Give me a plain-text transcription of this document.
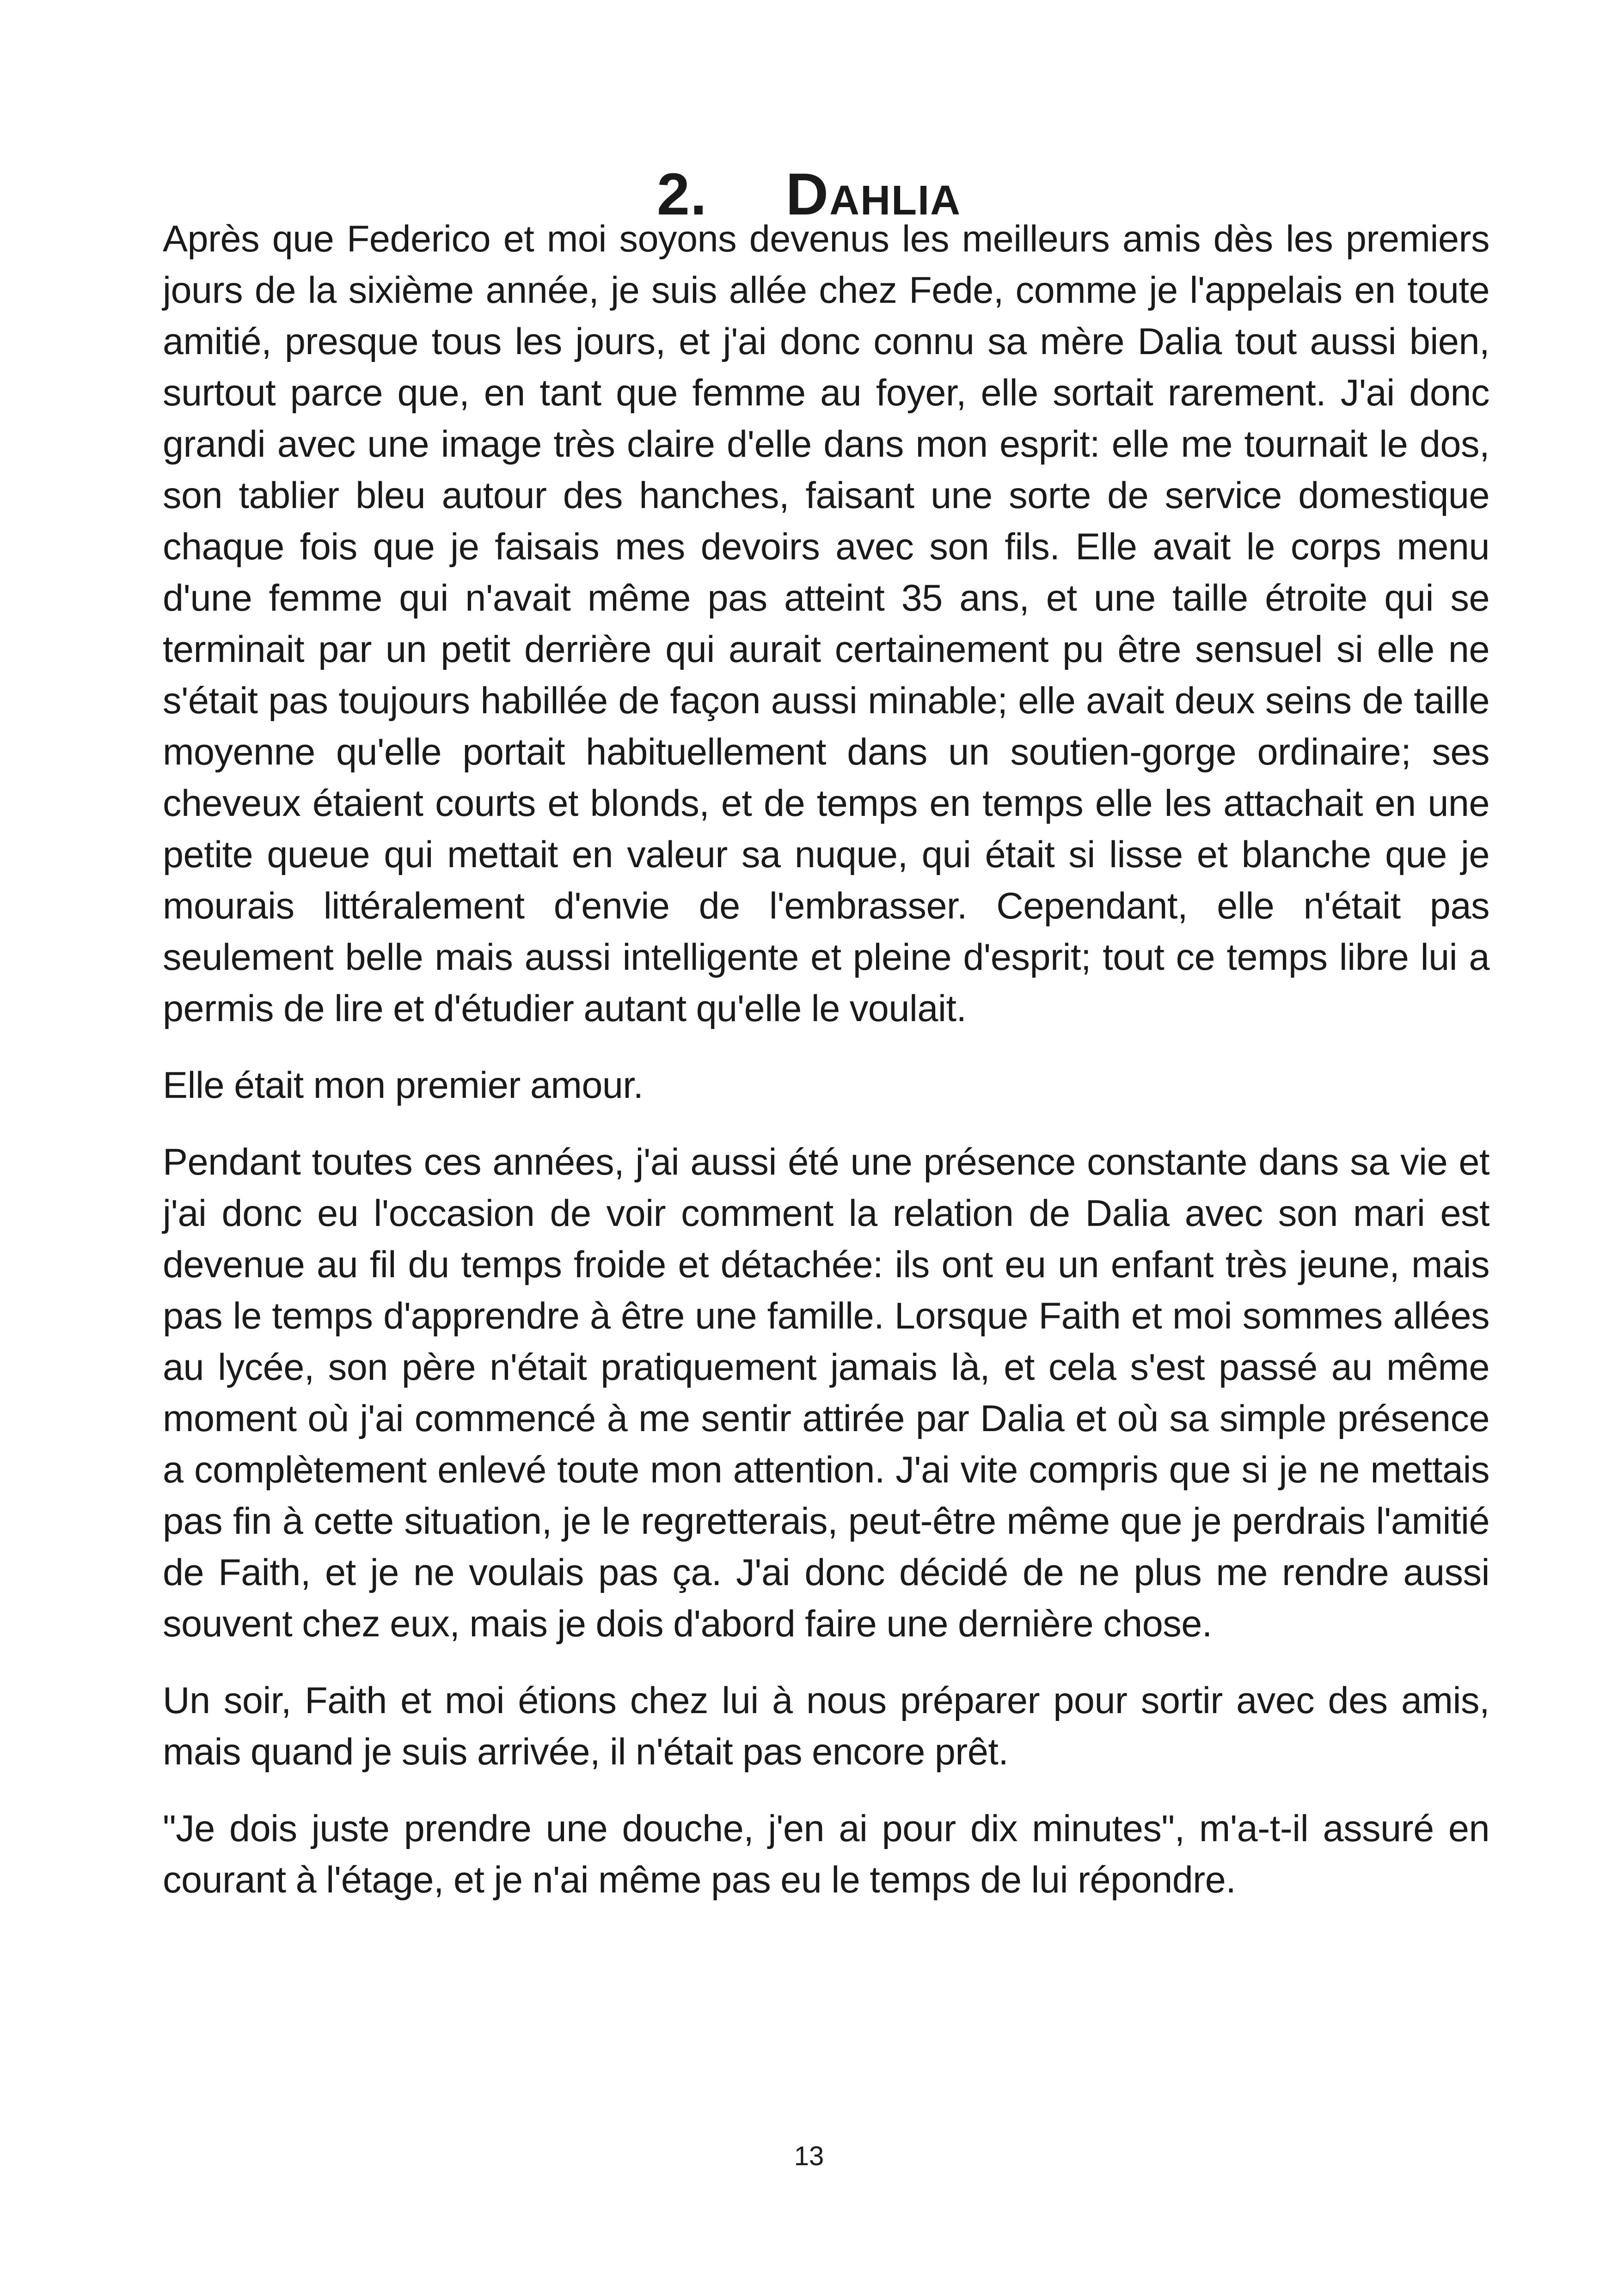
2. Dahlia

Après que Federico et moi soyons devenus les meilleurs amis dès les premiers jours de la sixième année, je suis allée chez Fede, comme je l'appelais en toute amitié, presque tous les jours, et j'ai donc connu sa mère Dalia tout aussi bien, surtout parce que, en tant que femme au foyer, elle sortait rarement. J'ai donc grandi avec une image très claire d'elle dans mon esprit: elle me tournait le dos, son tablier bleu autour des hanches, faisant une sorte de service domestique chaque fois que je faisais mes devoirs avec son fils. Elle avait le corps menu d'une femme qui n'avait même pas atteint 35 ans, et une taille étroite qui se terminait par un petit derrière qui aurait certainement pu être sensuel si elle ne s'était pas toujours habillée de façon aussi minable; elle avait deux seins de taille moyenne qu'elle portait habituellement dans un soutien-gorge ordinaire; ses cheveux étaient courts et blonds, et de temps en temps elle les attachait en une petite queue qui mettait en valeur sa nuque, qui était si lisse et blanche que je mourais littéralement d'envie de l'embrasser. Cependant, elle n'était pas seulement belle mais aussi intelligente et pleine d'esprit; tout ce temps libre lui a permis de lire et d'étudier autant qu'elle le voulait.

Elle était mon premier amour.

Pendant toutes ces années, j'ai aussi été une présence constante dans sa vie et j'ai donc eu l'occasion de voir comment la relation de Dalia avec son mari est devenue au fil du temps froide et détachée: ils ont eu un enfant très jeune, mais pas le temps d'apprendre à être une famille. Lorsque Faith et moi sommes allées au lycée, son père n'était pratiquement jamais là, et cela s'est passé au même moment où j'ai commencé à me sentir attirée par Dalia et où sa simple présence a complètement enlevé toute mon attention. J'ai vite compris que si je ne mettais pas fin à cette situation, je le regretterais, peut-être même que je perdrais l'amitié de Faith, et je ne voulais pas ça. J'ai donc décidé de ne plus me rendre aussi souvent chez eux, mais je dois d'abord faire une dernière chose.

Un soir, Faith et moi étions chez lui à nous préparer pour sortir avec des amis, mais quand je suis arrivée, il n'était pas encore prêt.

"Je dois juste prendre une douche, j'en ai pour dix minutes", m'a-t-il assuré en courant à l'étage, et je n'ai même pas eu le temps de lui répondre.

13
